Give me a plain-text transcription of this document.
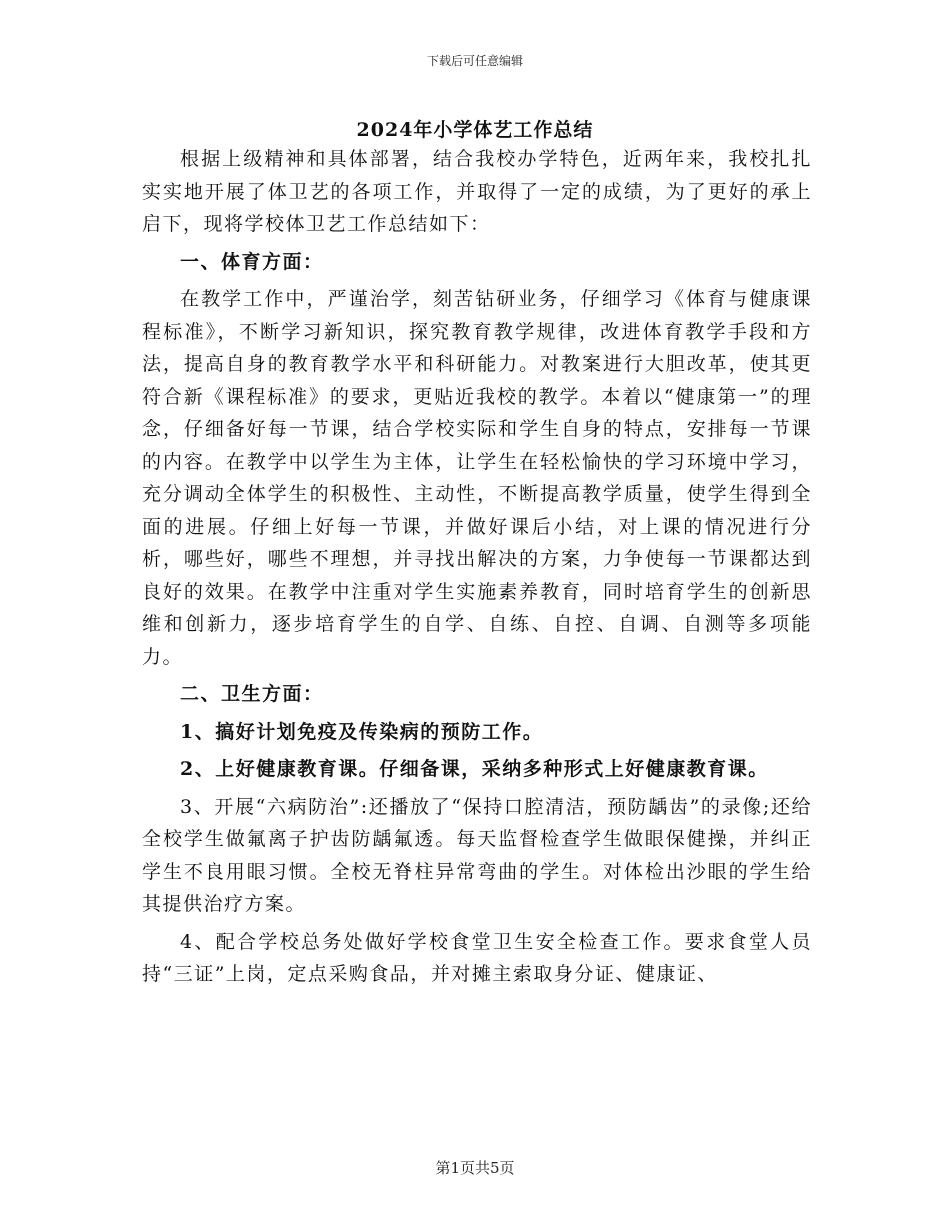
下载后可任意编辑
2024年小学体艺工作总结

根据上级精神和具体部署，结合我校办学特色，近两年来，我校扎扎实实地开展了体卫艺的各项工作，并取得了一定的成绩，为了更好的承上启下，现将学校体卫艺工作总结如下：

一、体育方面：

在教学工作中，严谨治学，刻苦钻研业务，仔细学习《体育与健康课程标准》，不断学习新知识，探究教育教学规律，改进体育教学手段和方法，提高自身的教育教学水平和科研能力。对教案进行大胆改革，使其更符合新《课程标准》的要求，更贴近我校的教学。本着以“健康第一”的理念，仔细备好每一节课，结合学校实际和学生自身的特点，安排每一节课的内容。在教学中以学生为主体，让学生在轻松愉快的学习环境中学习，充分调动全体学生的积极性、主动性，不断提高教学质量，使学生得到全面的进展。仔细上好每一节课，并做好课后小结，对上课的情况进行分析，哪些好，哪些不理想，并寻找出解决的方案，力争使每一节课都达到良好的效果。在教学中注重对学生实施素养教育，同时培育学生的创新思维和创新力，逐步培育学生的自学、自练、自控、自调、自测等多项能力。

二、卫生方面：

1、搞好计划免疫及传染病的预防工作。

2、上好健康教育课。仔细备课，采纳多种形式上好健康教育课。

3、开展“六病防治”:还播放了“保持口腔清洁，预防龋齿”的录像;还给全校学生做氟离子护齿防龋氟透。每天监督检查学生做眼保健操，并纠正学生不良用眼习惯。全校无脊柱异常弯曲的学生。对体检出沙眼的学生给其提供治疗方案。

4、配合学校总务处做好学校食堂卫生安全检查工作。要求食堂人员持“三证”上岗，定点采购食品，并对摊主索取身分证、健康证、

第1页共5页
